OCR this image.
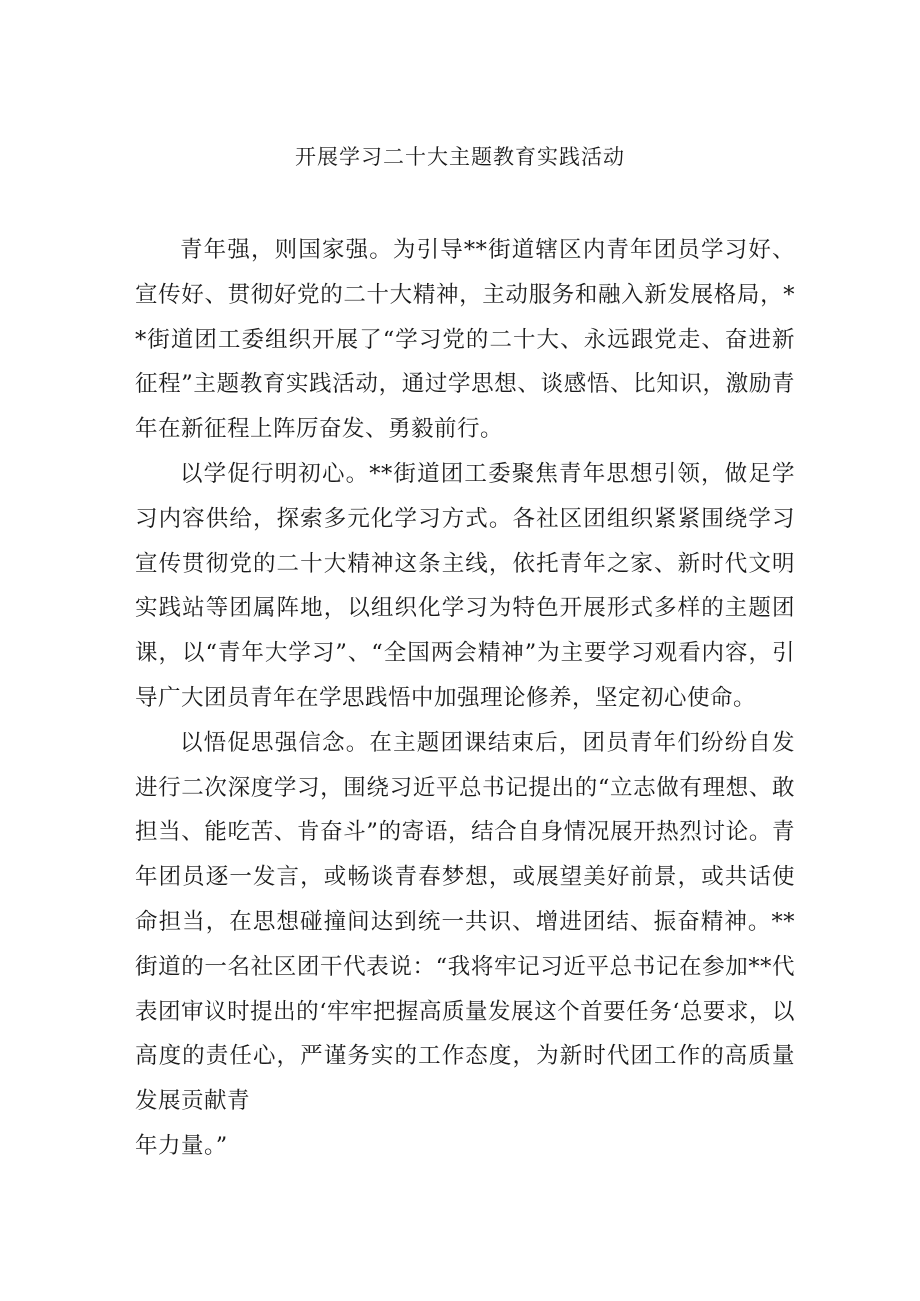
开展学习二十大主题教育实践活动

青年强，则国家强。为引导**街道辖区内青年团员学习好、宣传好、贯彻好党的二十大精神，主动服务和融入新发展格局，**街道团工委组织开展了“学习党的二十大、永远跟党走、奋进新征程”主题教育实践活动，通过学思想、谈感悟、比知识，激励青年在新征程上阵厉奋发、勇毅前行。

以学促行明初心。**街道团工委聚焦青年思想引领，做足学习内容供给，探索多元化学习方式。各社区团组织紧紧围绕学习宣传贯彻党的二十大精神这条主线，依托青年之家、新时代文明实践站等团属阵地，以组织化学习为特色开展形式多样的主题团课，以“青年大学习”、“全国两会精神”为主要学习观看内容，引导广大团员青年在学思践悟中加强理论修养，坚定初心使命。

以悟促思强信念。在主题团课结束后，团员青年们纷纷自发进行二次深度学习，围绕习近平总书记提出的“立志做有理想、敢担当、能吃苦、肯奋斗”的寄语，结合自身情况展开热烈讨论。青年团员逐一发言，或畅谈青春梦想，或展望美好前景，或共话使命担当，在思想碰撞间达到统一共识、增进团结、振奋精神。**街道的一名社区团干代表说：“我将牢记习近平总书记在参加**代表团审议时提出的‘牢牢把握高质量发展这个首要任务‘总要求，以高度的责任心，严谨务实的工作态度，为新时代团工作的高质量发展贡献青

年力量。”
